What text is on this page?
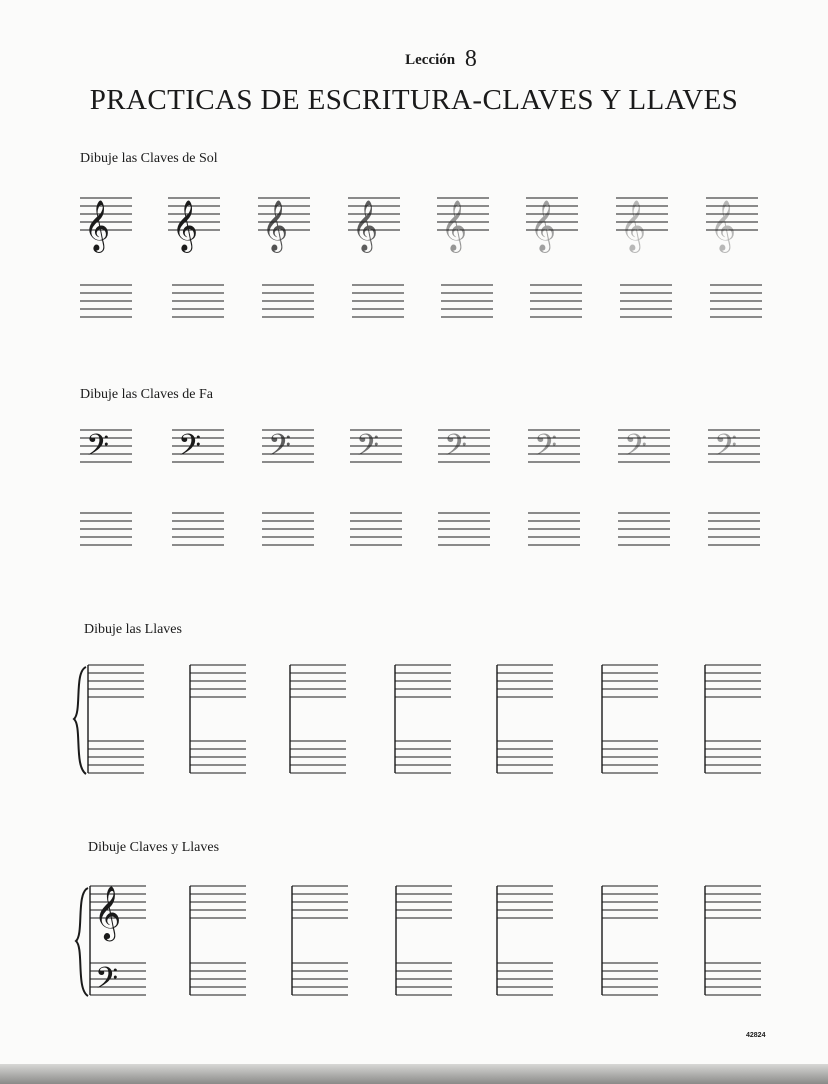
Lección 8
PRACTICAS DE ESCRITURA-CLAVES Y LLAVES
Dibuje las Claves de Sol
Dibuje las Claves de Fa
Dibuje las Llaves
Dibuje Claves y Llaves
𝄞 𝄞 𝄞 𝄞 𝄞 𝄞 𝄞 𝄞
𝄢 𝄢 𝄢 𝄢 𝄢 𝄢 𝄢 𝄢
𝄞
𝄢
42824
